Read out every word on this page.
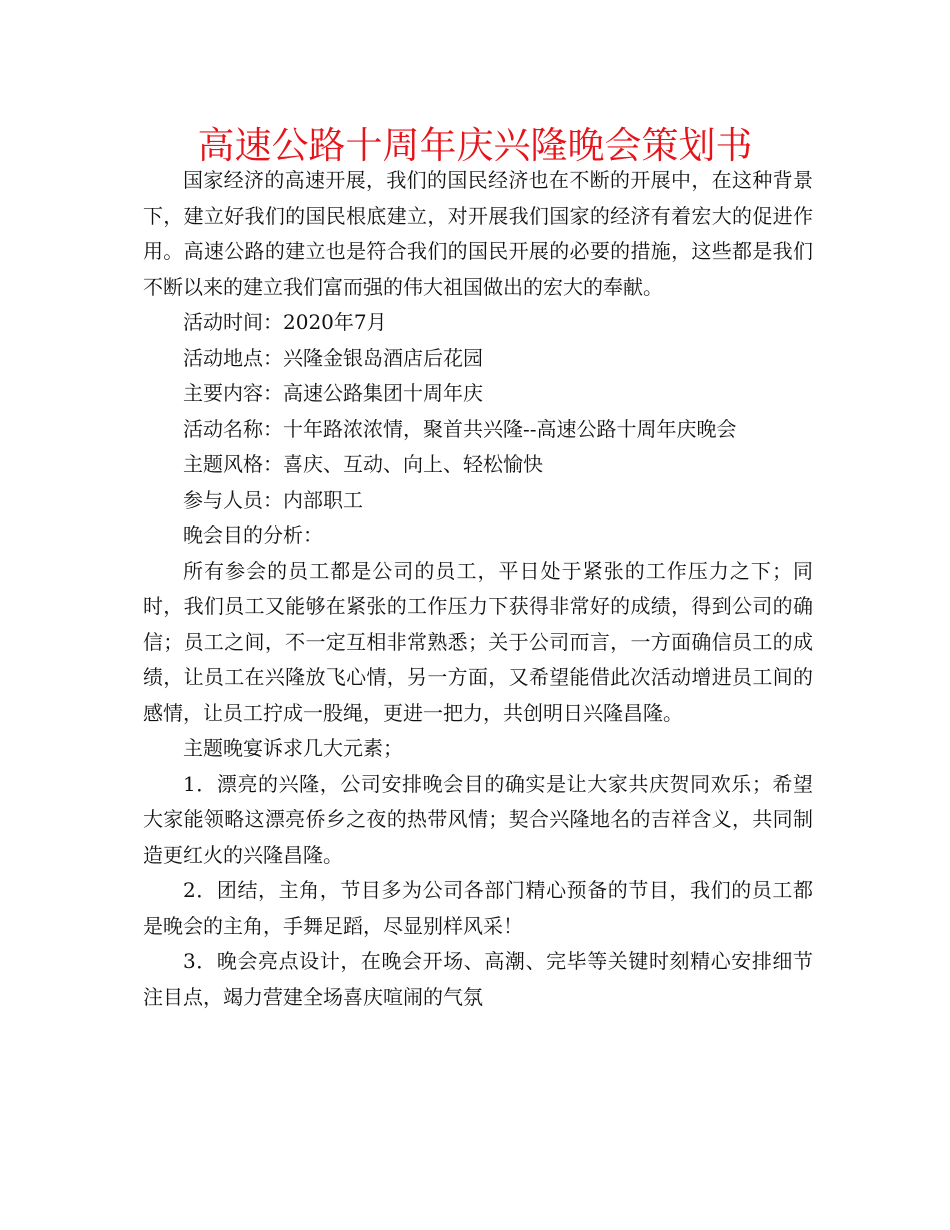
高速公路十周年庆兴隆晚会策划书

国家经济的高速开展，我们的国民经济也在不断的开展中，在这种背景下，建立好我们的国民根底建立，对开展我们国家的经济有着宏大的促进作用。高速公路的建立也是符合我们的国民开展的必要的措施，这些都是我们不断以来的建立我们富而强的伟大祖国做出的宏大的奉献。

活动时间：2020年7月

活动地点：兴隆金银岛酒店后花园

主要内容：高速公路集团十周年庆

活动名称：十年路浓浓情，聚首共兴隆--高速公路十周年庆晚会

主题风格：喜庆、互动、向上、轻松愉快

参与人员：内部职工

晚会目的分析：

所有参会的员工都是公司的员工，平日处于紧张的工作压力之下；同时，我们员工又能够在紧张的工作压力下获得非常好的成绩，得到公司的确信；员工之间，不一定互相非常熟悉；关于公司而言，一方面确信员工的成绩，让员工在兴隆放飞心情，另一方面，又希望能借此次活动增进员工间的感情，让员工拧成一股绳，更进一把力，共创明日兴隆昌隆。

主题晚宴诉求几大元素；

1．漂亮的兴隆，公司安排晚会目的确实是让大家共庆贺同欢乐；希望大家能领略这漂亮侨乡之夜的热带风情；契合兴隆地名的吉祥含义，共同制造更红火的兴隆昌隆。

2．团结，主角，节目多为公司各部门精心预备的节目，我们的员工都是晚会的主角，手舞足蹈，尽显别样风采！

3．晚会亮点设计，在晚会开场、高潮、完毕等关键时刻精心安排细节注目点，竭力营建全场喜庆喧闹的气氛
